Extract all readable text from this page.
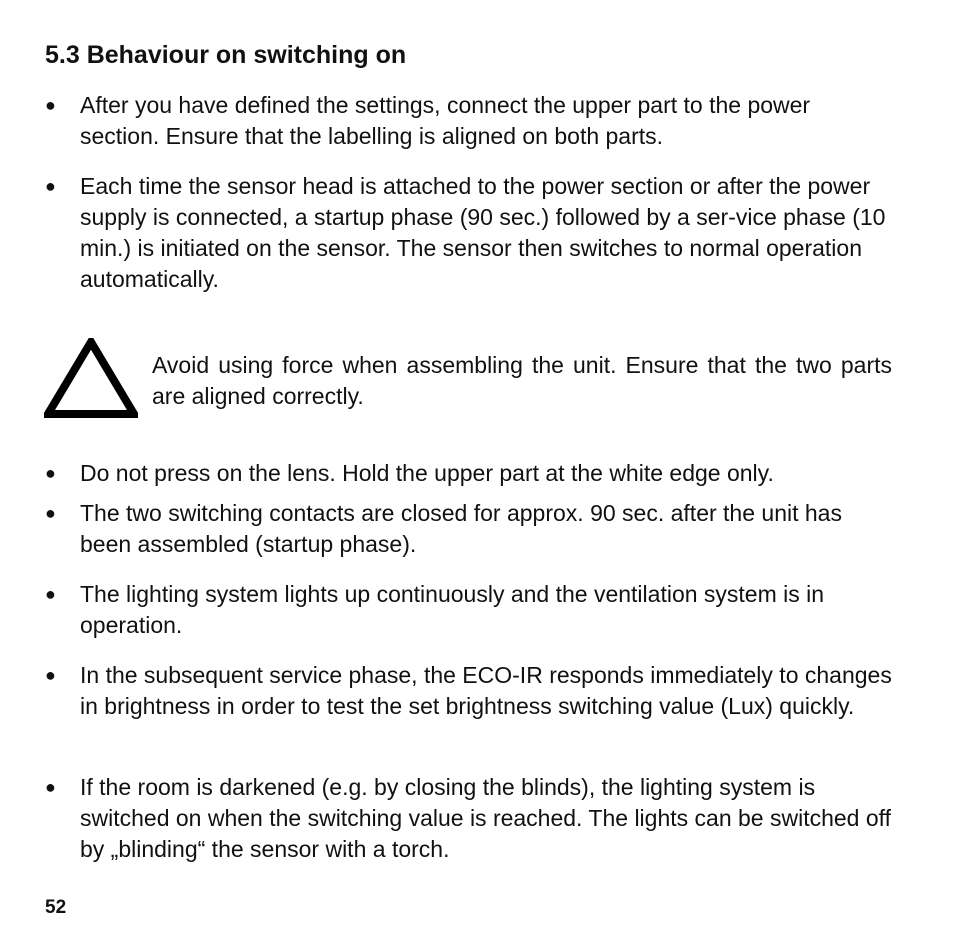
5.3 Behaviour on switching on
● After you have defined the settings, connect the upper part to the power section. Ensure that the labelling is aligned on both parts.
● Each time the sensor head is attached to the power section or after the power supply is connected, a startup phase (90 sec.) followed by a ser-vice phase (10 min.) is initiated on the sensor. The sensor then switches to normal operation automatically.
Avoid using force when assembling the unit. Ensure that the two parts are aligned correctly.
● Do not press on the lens. Hold the upper part at the white edge only.
● The two switching contacts are closed for approx. 90 sec. after the unit has been assembled (startup phase).
● The lighting system lights up continuously and the ventilation system is in operation.
● In the subsequent service phase, the ECO-IR responds immediately to changes in brightness in order to test the set brightness switching value (Lux) quickly.
● If the room is darkened (e.g. by closing the blinds), the lighting system is switched on when the switching value is reached. The lights can be switched off by „blinding“ the sensor with a torch.
52
